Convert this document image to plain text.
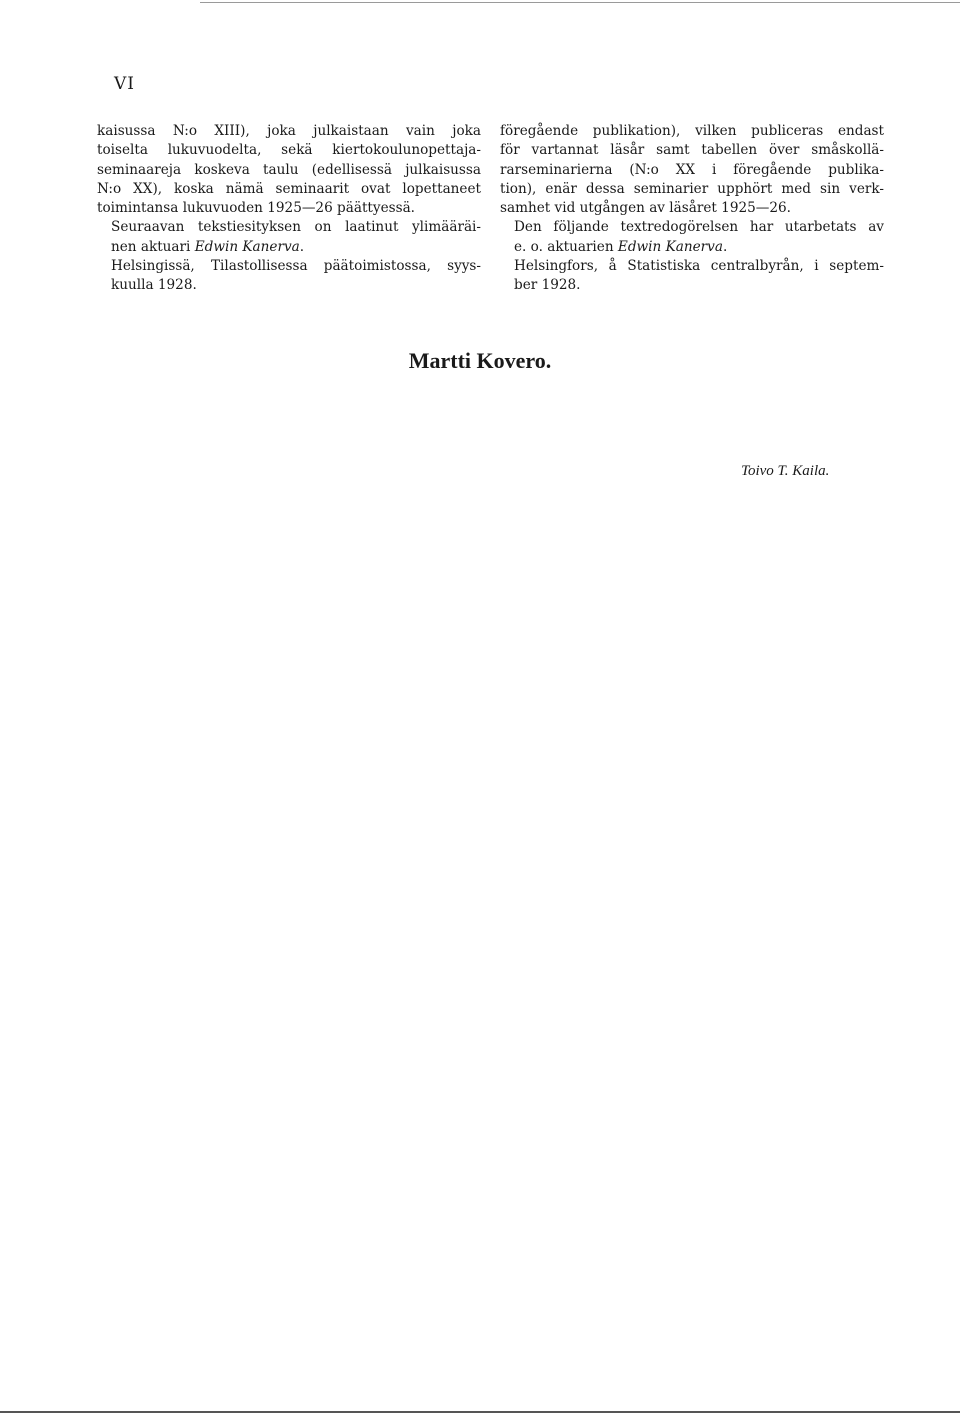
VI

kaisussa N:o XIII), joka julkaistaan vain joka
toiselta lukuvuodelta, sekä kiertokoulunopettaja-
seminaareja koskeva taulu (edellisessä julkaisussa
N:o XX), koska nämä seminaarit ovat lopettaneet
toimintansa lukuvuoden 1925—26 päättyessä.

Seuraavan tekstiesityksen on laatinut ylimääräi-
nen aktuari Edwin Kanerva.

Helsingissä, Tilastollisessa päätoimistossa, syys-
kuulla 1928.

föregående publikation), vilken publiceras endast
för vartannat läsår samt tabellen över småskollä-
rarseminarierna (N:o XX i föregående publika-
tion), enär dessa seminarier upphört med sin verk-
samhet vid utgången av läsåret 1925—26.

Den följande textredogörelsen har utarbetats av
e. o. aktuarien Edwin Kanerva.

Helsingfors, å Statistiska centralbyrån, i septem-
ber 1928.

Martti Kovero.
Toivo T. Kaila.
